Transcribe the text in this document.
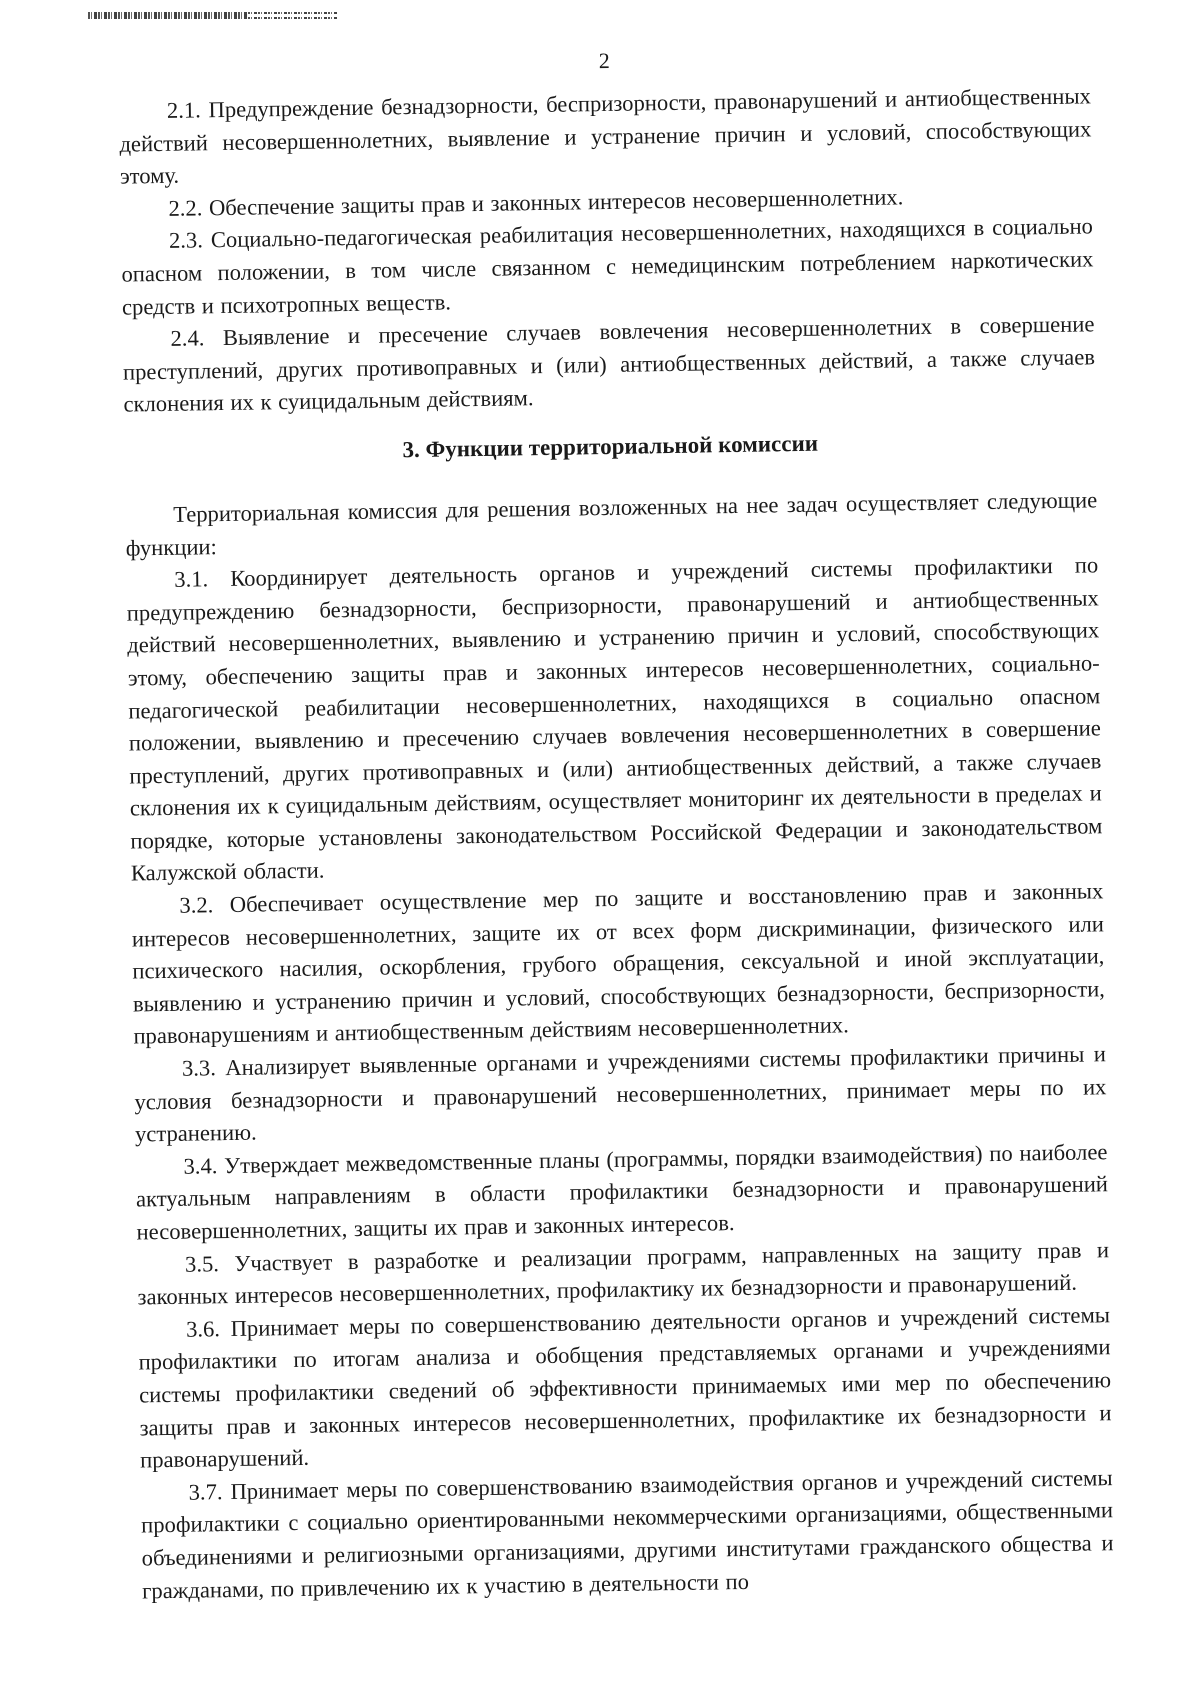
2

2.1. Предупреждение безнадзорности, беспризорности, правонарушений и антиобщественных действий несовершеннолетних, выявление и устранение причин и условий, способствующих этому.

2.2. Обеспечение защиты прав и законных интересов несовершеннолетних.

2.3. Социально-педагогическая реабилитация несовершеннолетних, находящихся в социально опасном положении, в том числе связанном с немедицинским потреблением наркотических средств и психотропных веществ.

2.4. Выявление и пресечение случаев вовлечения несовершеннолетних в совершение преступлений, других противоправных и (или) антиобщественных действий, а также случаев склонения их к суицидальным действиям.

3. Функции территориальной комиссии

Территориальная комиссия для решения возложенных на нее задач осуществляет следующие функции:

3.1. Координирует деятельность органов и учреждений системы профилактики по предупреждению безнадзорности, беспризорности, правонарушений и антиобщественных действий несовершеннолетних, выявлению и устранению причин и условий, способствующих этому, обеспечению защиты прав и законных интересов несовершеннолетних, социально-педагогической реабилитации несовершеннолетних, находящихся в социально опасном положении, выявлению и пресечению случаев вовлечения несовершеннолетних в совершение преступлений, других противоправных и (или) антиобщественных действий, а также случаев склонения их к суицидальным действиям, осуществляет мониторинг их деятельности в пределах и порядке, которые установлены законодательством Российской Федерации и законодательством Калужской области.

3.2. Обеспечивает осуществление мер по защите и восстановлению прав и законных интересов несовершеннолетних, защите их от всех форм дискриминации, физического или психического насилия, оскорбления, грубого обращения, сексуальной и иной эксплуатации, выявлению и устранению причин и условий, способствующих безнадзорности, беспризорности, правонарушениям и антиобщественным действиям несовершеннолетних.

3.3. Анализирует выявленные органами и учреждениями системы профилактики причины и условия безнадзорности и правонарушений несовершеннолетних, принимает меры по их устранению.

3.4. Утверждает межведомственные планы (программы, порядки взаимодействия) по наиболее актуальным направлениям в области профилактики безнадзорности и правонарушений несовершеннолетних, защиты их прав и законных интересов.

3.5. Участвует в разработке и реализации программ, направленных на защиту прав и законных интересов несовершеннолетних, профилактику их безнадзорности и правонарушений.

3.6. Принимает меры по совершенствованию деятельности органов и учреждений системы профилактики по итогам анализа и обобщения представляемых органами и учреждениями системы профилактики сведений об эффективности принимаемых ими мер по обеспечению защиты прав и законных интересов несовершеннолетних, профилактике их безнадзорности и правонарушений.

3.7. Принимает меры по совершенствованию взаимодействия органов и учреждений системы профилактики с социально ориентированными некоммерческими организациями, общественными объединениями и религиозными организациями, другими институтами гражданского общества и гражданами, по привлечению их к участию в деятельности по
